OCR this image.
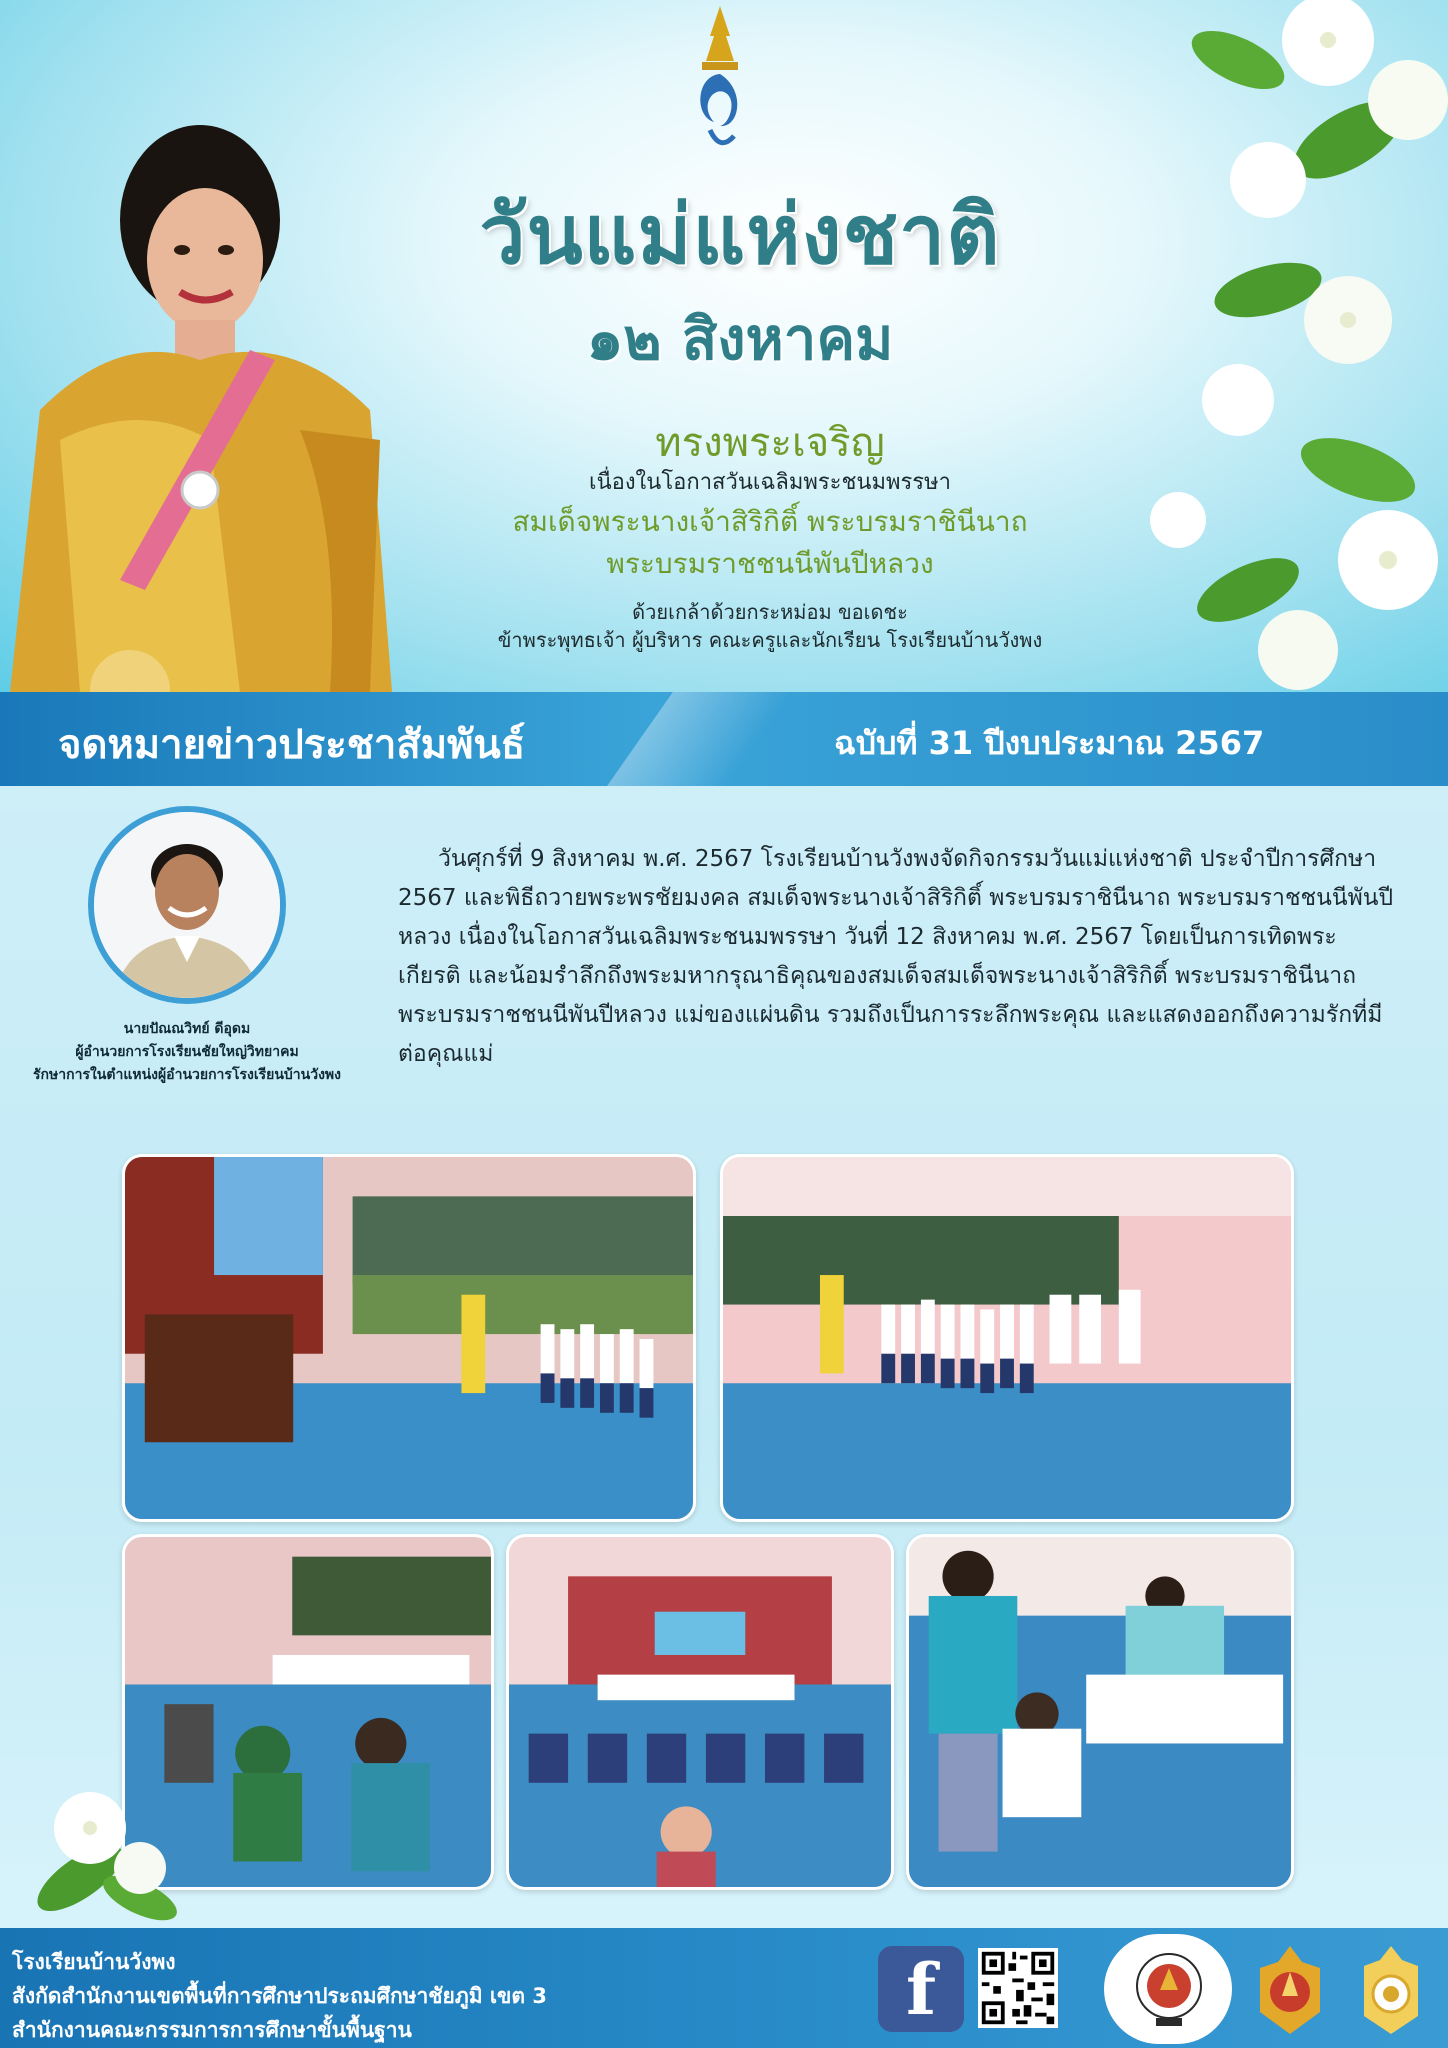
วันแม่แห่งชาติ
๑๒ สิงหาคม
ทรงพระเจริญ
เนื่องในโอกาสวันเฉลิมพระชนมพรรษา
สมเด็จพระนางเจ้าสิริกิติ์ พระบรมราชินีนาถ
พระบรมราชชนนีพันปีหลวง
ด้วยเกล้าด้วยกระหม่อม ขอเดชะ
ข้าพระพุทธเจ้า ผู้บริหาร คณะครูและนักเรียน โรงเรียนบ้านวังพง
จดหมายข่าวประชาสัมพันธ์	ฉบับที่ 31 ปีงบประมาณ 2567
นายปัณณวิทย์ ดีอุดม
ผู้อำนวยการโรงเรียนชัยใหญ่วิทยาคม
รักษาการในตำแหน่งผู้อำนวยการโรงเรียนบ้านวังพง
วันศุกร์ที่ 9 สิงหาคม พ.ศ. 2567 โรงเรียนบ้านวังพงจัดกิจกรรมวันแม่แห่งชาติ ประจำปีการศึกษา 2567 และพิธีถวายพระพรชัยมงคล สมเด็จพระนางเจ้าสิริกิติ์ พระบรมราชินีนาถ พระบรมราชชนนีพันปีหลวง เนื่องในโอกาสวันเฉลิมพระชนมพรรษา วันที่ 12 สิงหาคม พ.ศ. 2567 โดยเป็นการเทิดพระเกียรติ และน้อมรำลึกถึงพระมหากรุณาธิคุณของสมเด็จสมเด็จพระนางเจ้าสิริกิติ์ พระบรมราชินีนาถ พระบรมราชชนนีพันปีหลวง แม่ของแผ่นดิน รวมถึงเป็นการระลึกพระคุณ และแสดงออกถึงความรักที่มีต่อคุณแม่
โรงเรียนบ้านวังพง
สังกัดสำนักงานเขตพื้นที่การศึกษาประถมศึกษาชัยภูมิ เขต 3
สำนักงานคณะกรรมการการศึกษาขั้นพื้นฐาน	f
